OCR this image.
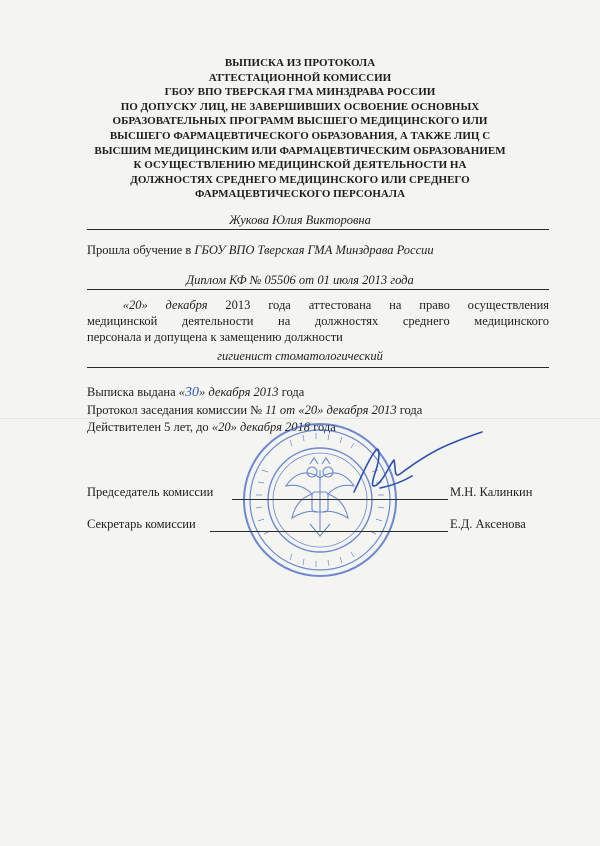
ВЫПИСКА ИЗ ПРОТОКОЛА
АТТЕСТАЦИОННОЙ КОМИССИИ
ГБОУ ВПО ТВЕРСКАЯ ГМА МИНЗДРАВА РОССИИ
ПО ДОПУСКУ ЛИЦ, НЕ ЗАВЕРШИВШИХ ОСВОЕНИЕ ОСНОВНЫХ
ОБРАЗОВАТЕЛЬНЫХ ПРОГРАММ ВЫСШЕГО МЕДИЦИНСКОГО ИЛИ
ВЫСШЕГО ФАРМАЦЕВТИЧЕСКОГО ОБРАЗОВАНИЯ, А ТАКЖЕ ЛИЦ С
ВЫСШИМ МЕДИЦИНСКИМ ИЛИ ФАРМАЦЕВТИЧЕСКИМ ОБРАЗОВАНИЕМ
К ОСУЩЕСТВЛЕНИЮ МЕДИЦИНСКОЙ ДЕЯТЕЛЬНОСТИ НА
ДОЛЖНОСТЯХ СРЕДНЕГО МЕДИЦИНСКОГО ИЛИ СРЕДНЕГО
ФАРМАЦЕВТИЧЕСКОГО ПЕРСОНАЛА
Жукова Юлия Викторовна
Прошла обучение в ГБОУ ВПО Тверская ГМА Минздрава России
Диплом КФ № 05506 от 01 июля 2013 года
«20» декабря 2013 года аттестована на право осуществления
медицинской деятельности на должностях среднего медицинского
персонала и допущена к замещению должности
гигиенист стоматологический
Выписка выдана «30» декабря 2013 года
Протокол заседания комиссии № 11 от «20» декабря 2013 года
Действителен 5 лет, до «20» декабря 2018 года
Председатель комиссии	М.Н. Калинкин
Секретарь комиссии	Е.Д. Аксенова
